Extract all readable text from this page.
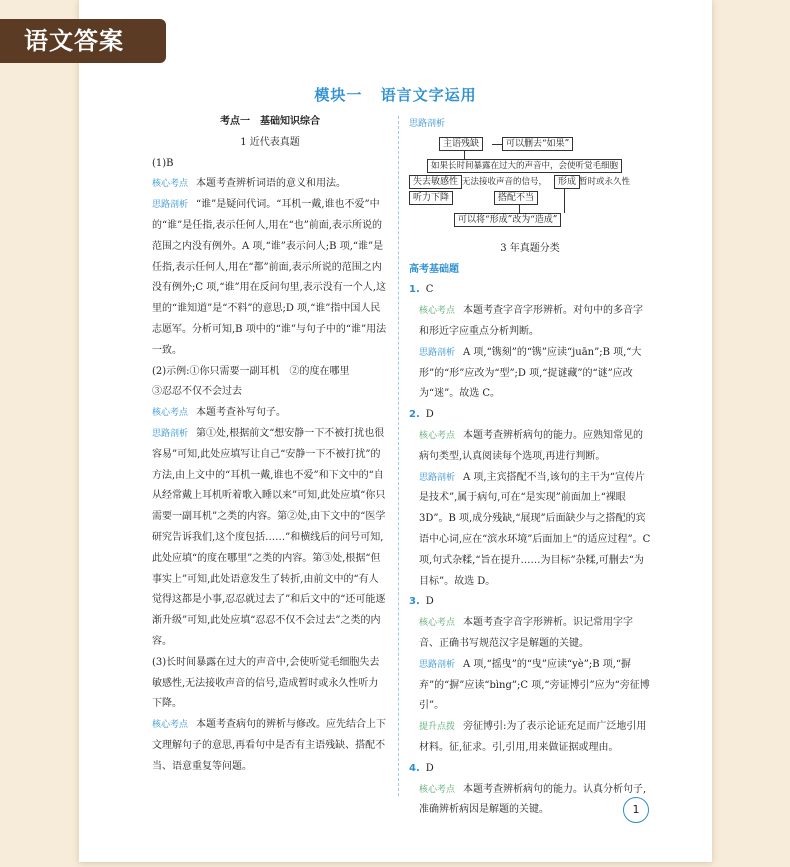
语文答案
模块一 语言文字运用

考点一　基础知识综合

1 近代表真题

(1)B

核心考点 本题考查辨析词语的意义和用法。

思路剖析 “谁”是疑问代词。“耳机一戴,谁也不爱”中的“谁”是任指,表示任何人,用在“也”前面,表示所说的范围之内没有例外。A 项,“谁”表示问人;B 项,“谁”是任指,表示任何人,用在“都”前面,表示所说的范围之内没有例外;C 项,“谁”用在反问句里,表示没有一个人,这里的“谁知道”是“不料”的意思;D 项,“谁”指中国人民志愿军。分析可知,B 项中的“谁”与句子中的“谁”用法一致。

(2)示例:①你只需要一副耳机　②的度在哪里

③忍忍不仅不会过去

核心考点 本题考查补写句子。

思路剖析 第①处,根据前文“想安静一下不被打扰也很容易”可知,此处应填写让自己“安静一下不被打扰”的方法,由上文中的“耳机一戴,谁也不爱”和下文中的“自从经常戴上耳机听着歌入睡以来”可知,此处应填“你只需要一副耳机”之类的内容。第②处,由下文中的“医学研究告诉我们,这个度包括……”和横线后的问号可知,此处应填“的度在哪里”之类的内容。第③处,根据“但事实上”可知,此处语意发生了转折,由前文中的“有人觉得这都是小事,忍忍就过去了”和后文中的“还可能逐渐升级”可知,此处应填“忍忍不仅不会过去”之类的内容。

(3)长时间暴露在过大的声音中,会使听觉毛细胞失去敏感性,无法接收声音的信号,造成暂时或永久性听力下降。

核心考点 本题考查病句的辨析与修改。应先结合上下文理解句子的意思,再看句中是否有主语残缺、搭配不当、语意重复等问题。

思路剖析

主语残缺	可以删去“如果”
如果长时间暴露在过大的声音中，会使听觉毛细胞
失去敏感性 无法接收声音的信号，	形成 暂时或永久性
听力下降	搭配不当
可以将“形成”改为“造成”

3 年真题分类

高考基础题

1. C

核心考点 本题考查字音字形辨析。对句中的多音字和形近字应重点分析判断。

思路剖析 A 项,“镌刻”的“镌”应读“juān”;B 项,“大形”的“形”应改为“型”;D 项,“捉谜藏”的“谜”应改为“迷”。故选 C。

2. D

核心考点 本题考查辨析病句的能力。应熟知常见的病句类型,认真阅读每个选项,再进行判断。

思路剖析 A 项,主宾搭配不当,该句的主干为“宣传片是技术”,属于病句,可在“是实现”前面加上“裸眼 3D”。B 项,成分残缺,“展现”后面缺少与之搭配的宾语中心词,应在“滨水环境”后面加上“的适应过程”。C 项,句式杂糅,“旨在提升……为目标”杂糅,可删去“为目标”。故选 D。

3. D

核心考点 本题考查字音字形辨析。识记常用字字音、正确书写规范汉字是解题的关键。

思路剖析 A 项,“摇曳”的“曳”应读“yè”;B 项,“摒弃”的“摒”应读“bìng”;C 项,“旁证博引”应为“旁征博引”。

提升点拨 旁征博引:为了表示论证充足而广泛地引用材料。征,征求。引,引用,用来做证据或理由。

4. D

核心考点 本题考查辨析病句的能力。认真分析句子,准确辨析病因是解题的关键。	1
